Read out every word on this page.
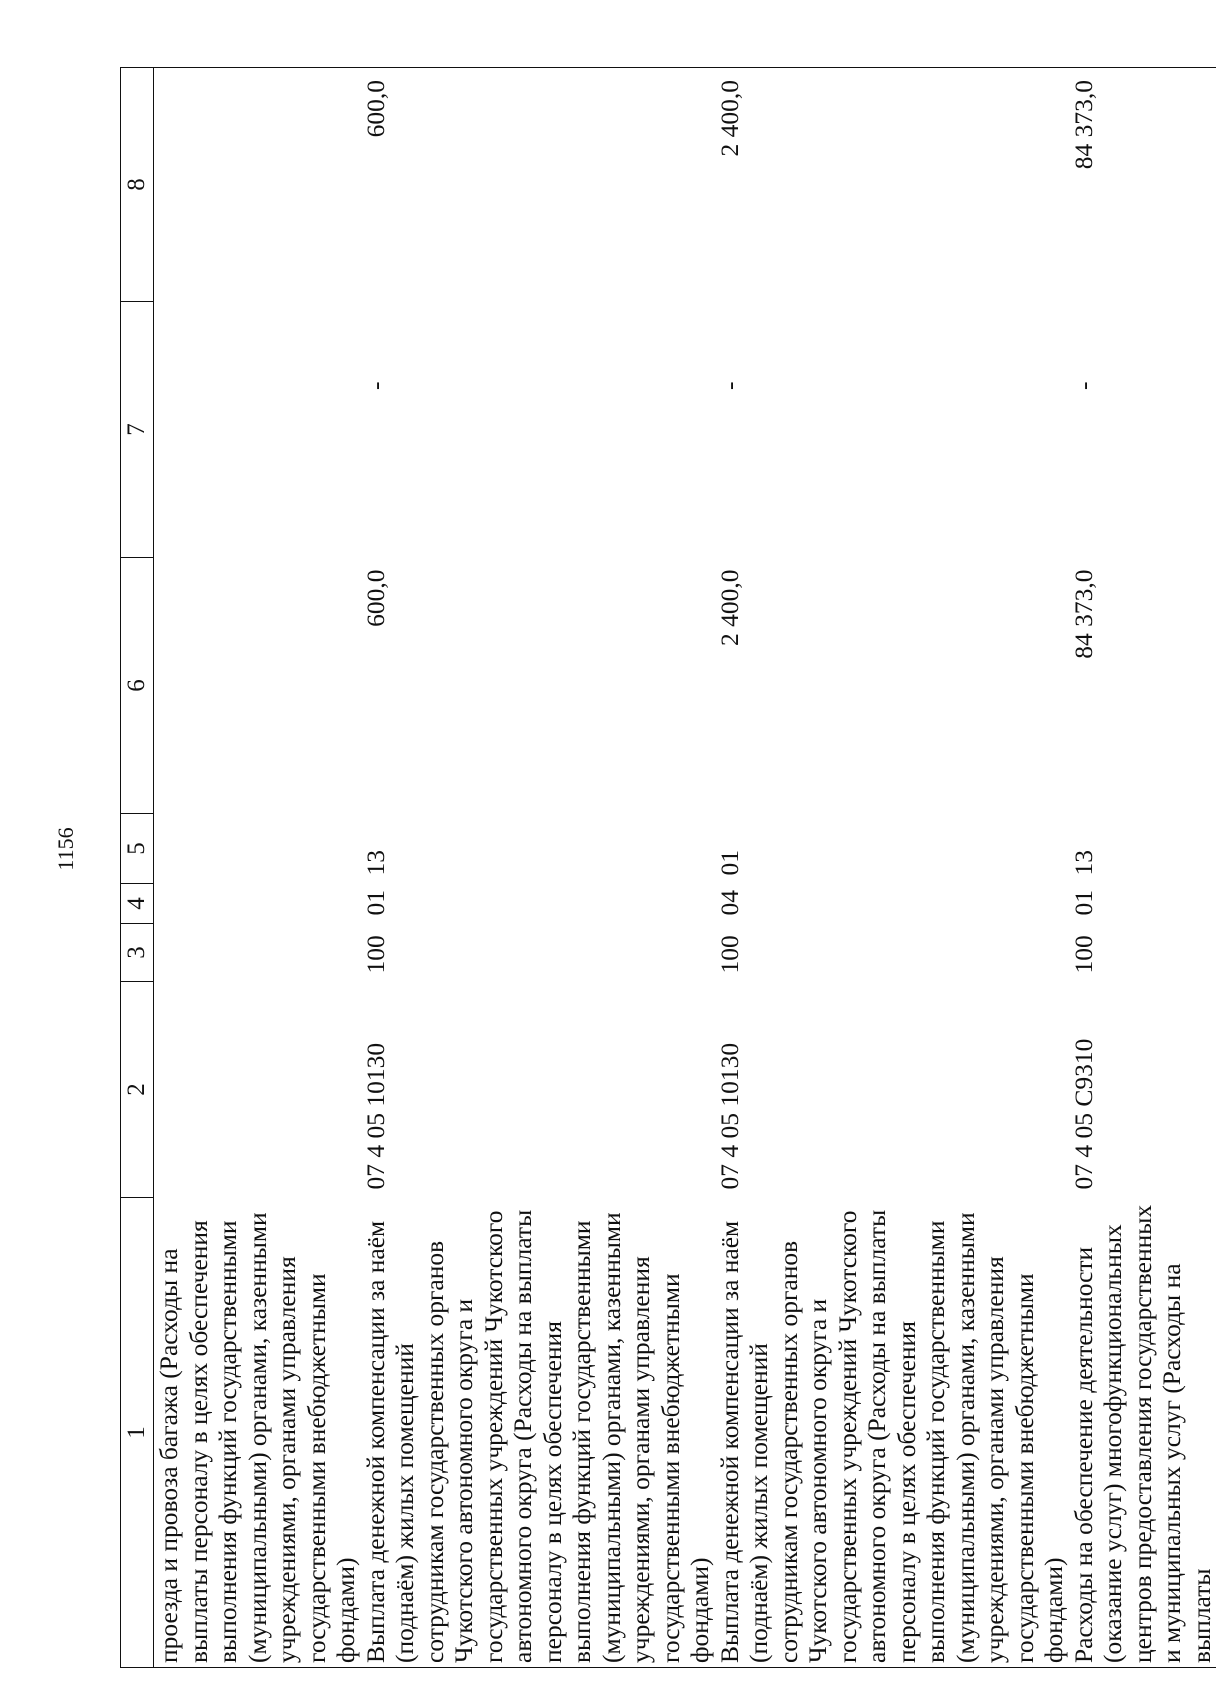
1156
1	2	3	4	5	6	7	8
проезда и провоза багажа (Расходы на выплаты персоналу в целях обеспечения выполнения функций государственными (муниципальными) органами, казенными учреждениями, органами управления государственными внебюджетными фондами)							
Выплата денежной компенсации за наём (поднаём) жилых помещений сотрудникам государственных органов Чукотского автономного округа и государственных учреждений Чукотского автономного округа (Расходы на выплаты персоналу в целях обеспечения выполнения функций государственными (муниципальными) органами, казенными учреждениями, органами управления государственными внебюджетными фондами)	07 4 05 10130	100	01	13	600,0	-	600,0
Выплата денежной компенсации за наём (поднаём) жилых помещений сотрудникам государственных органов Чукотского автономного округа и государственных учреждений Чукотского автономного округа (Расходы на выплаты персоналу в целях обеспечения выполнения функций государственными (муниципальными) органами, казенными учреждениями, органами управления государственными внебюджетными фондами)	07 4 05 10130	100	04	01	2 400,0	-	2 400,0
Расходы на обеспечение деятельности (оказание услуг) многофункциональных центров предоставления государственных и муниципальных услуг (Расходы на выплаты	07 4 05 С9310	100	01	13	84 373,0	-	84 373,0
